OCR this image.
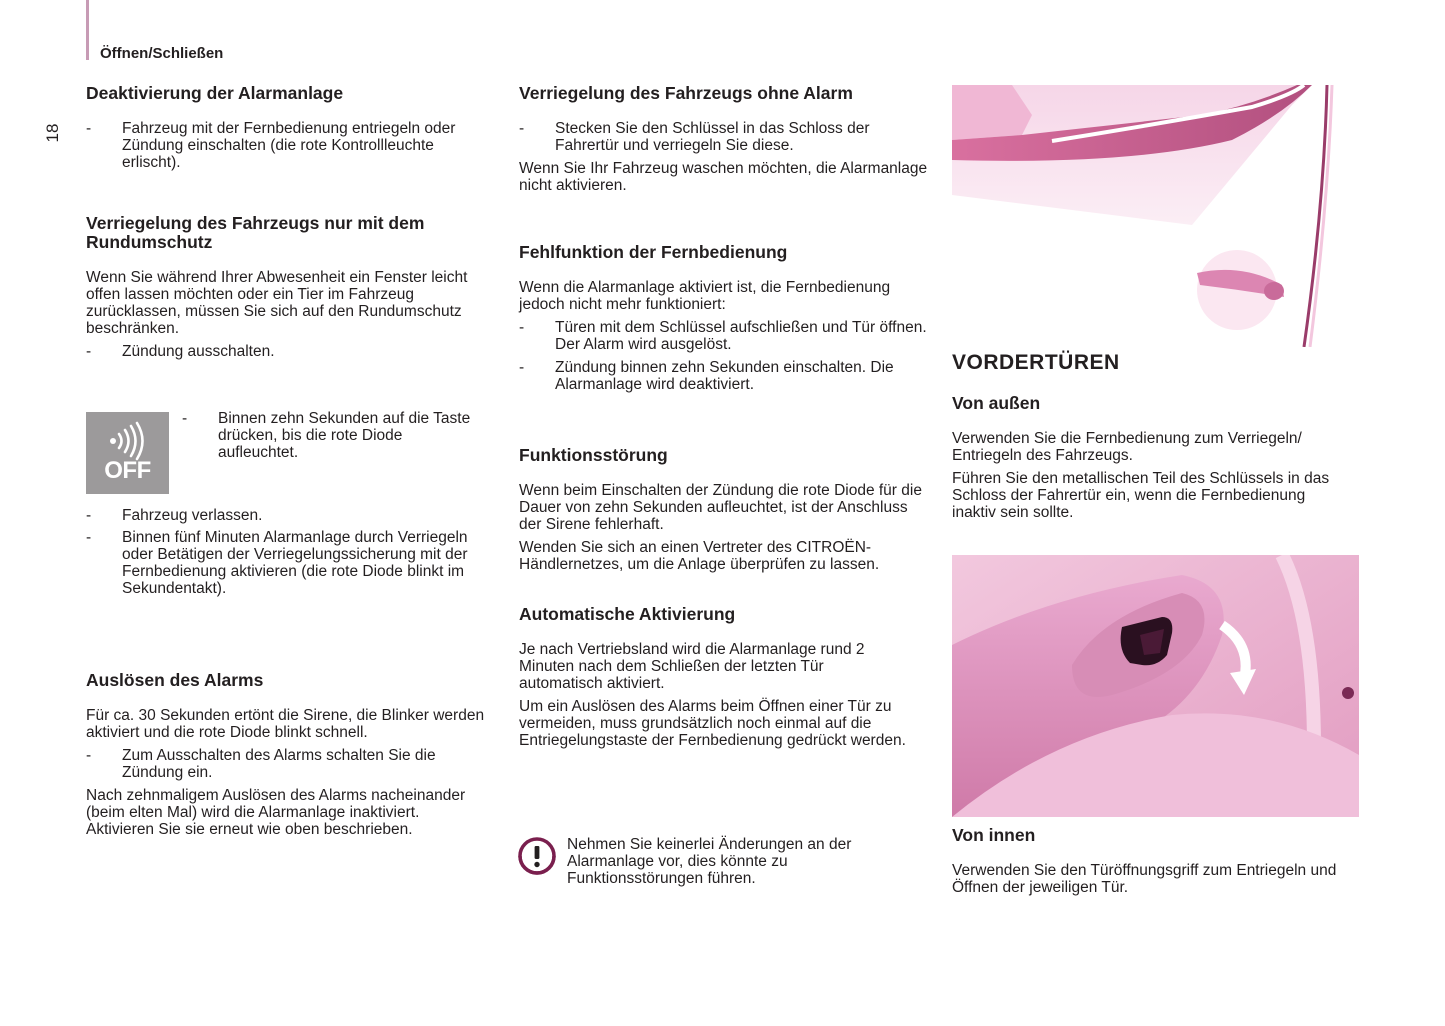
18
Öffnen/Schließen
Deaktivierung der Alarmanlage
- Fahrzeug mit der Fernbedienung entriegeln oder Zündung einschalten (die rote Kontrollleuchte erlischt).
Verriegelung des Fahrzeugs nur mit dem Rundumschutz

Wenn Sie während Ihrer Abwesenheit ein Fenster leicht offen lassen möchten oder ein Tier im Fahrzeug zurücklassen, müssen Sie sich auf den Rundumschutz beschränken.

- Zündung ausschalten.
OFF
- Binnen zehn Sekunden auf die Taste drücken, bis die rote Diode aufleuchtet.
- Fahrzeug verlassen.
- Binnen fünf Minuten Alarmanlage durch Verriegeln oder Betätigen der Verriegelungssicherung mit der Fernbedienung aktivieren (die rote Diode blinkt im Sekundentakt).
Auslösen des Alarms

Für ca. 30 Sekunden ertönt die Sirene, die Blinker werden aktiviert und die rote Diode blinkt schnell.

- Zum Ausschalten des Alarms schalten Sie die Zündung ein.

Nach zehnmaligem Auslösen des Alarms nacheinander (beim elten Mal) wird die Alarmanlage inaktiviert. Aktivieren Sie sie erneut wie oben beschrieben.

Verriegelung des Fahrzeugs ohne Alarm
- Stecken Sie den Schlüssel in das Schloss der Fahrertür und verriegeln Sie diese.

Wenn Sie Ihr Fahrzeug waschen möchten, die Alarmanlage nicht aktivieren.

Fehlfunktion der Fernbedienung

Wenn die Alarmanlage aktiviert ist, die Fernbedienung jedoch nicht mehr funktioniert:

- Türen mit dem Schlüssel aufschließen und Tür öffnen. Der Alarm wird ausgelöst.
- Zündung binnen zehn Sekunden einschalten. Die Alarmanlage wird deaktiviert.
Funktionsstörung

Wenn beim Einschalten der Zündung die rote Diode für die Dauer von zehn Sekunden aufleuchtet, ist der Anschluss der Sirene fehlerhaft.

Wenden Sie sich an einen Vertreter des CITROËN-Händlernetzes, um die Anlage überprüfen zu lassen.

Automatische Aktivierung

Je nach Vertriebsland wird die Alarmanlage rund 2 Minuten nach dem Schließen der letzten Tür automatisch aktiviert.

Um ein Auslösen des Alarms beim Öffnen einer Tür zu vermeiden, muss grundsätzlich noch einmal auf die Entriegelungstaste der Fernbedienung gedrückt werden.

Nehmen Sie keinerlei Änderungen an der Alarmanlage vor, dies könnte zu Funktionsstörungen führen.
VORDERTÜREN
Von außen

Verwenden Sie die Fernbedienung zum Verriegeln/ Entriegeln des Fahrzeugs.

Führen Sie den metallischen Teil des Schlüssels in das Schloss der Fahrertür ein, wenn die Fernbedienung inaktiv sein sollte.

Von innen

Verwenden Sie den Türöffnungsgriff zum Entriegeln und Öffnen der jeweiligen Tür.
